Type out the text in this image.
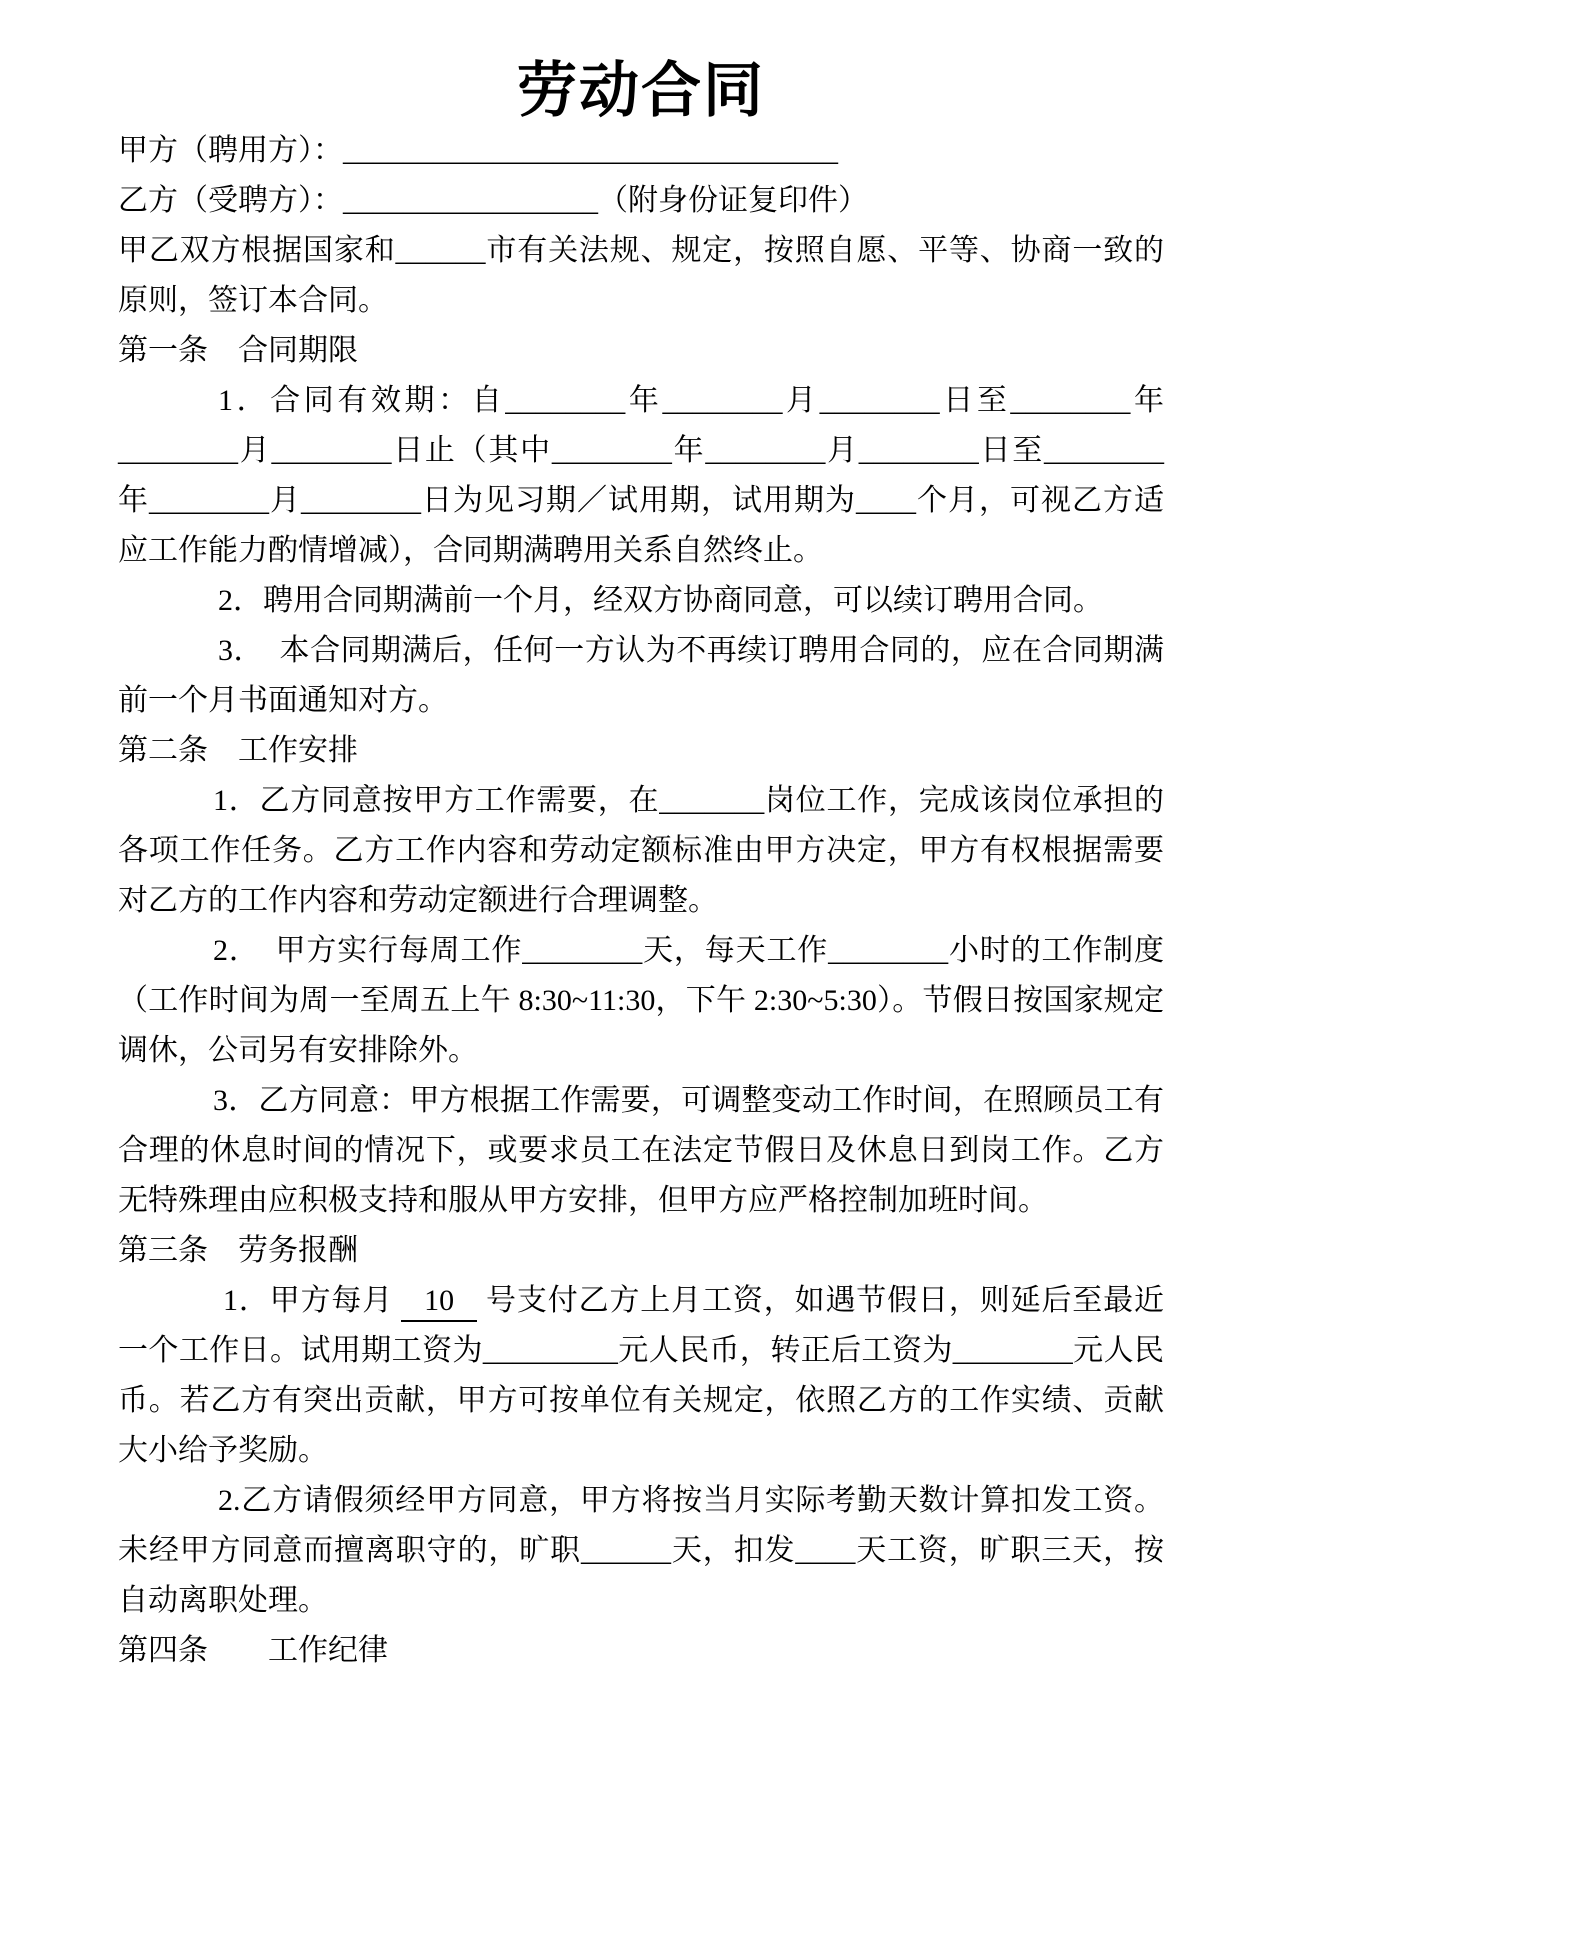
劳动合同

甲方（聘用方）：_________________________________

乙方（受聘方）：_________________（附身份证复印件）

甲乙双方根据国家和______市有关法规、规定，按照自愿、平等、协商一致的原则，签订本合同。

第一条　合同期限

1．合同有效期：自________年________月________日至________年________月________日止（其中________年________月________日至________年________月________日为见习期／试用期，试用期为____个月，可视乙方适应工作能力酌情增减），合同期满聘用关系自然终止。

2．聘用合同期满前一个月，经双方协商同意，可以续订聘用合同。

3．　本合同期满后，任何一方认为不再续订聘用合同的，应在合同期满前一个月书面通知对方。

第二条　工作安排

1．乙方同意按甲方工作需要，在_______岗位工作，完成该岗位承担的各项工作任务。乙方工作内容和劳动定额标准由甲方决定，甲方有权根据需要对乙方的工作内容和劳动定额进行合理调整。

2．　甲方实行每周工作________天，每天工作________小时的工作制度（工作时间为周一至周五上午 8:30~11:30，下午 2:30~5:30）。节假日按国家规定调休，公司另有安排除外。

3．乙方同意：甲方根据工作需要，可调整变动工作时间，在照顾员工有合理的休息时间的情况下，或要求员工在法定节假日及休息日到岗工作。乙方无特殊理由应积极支持和服从甲方安排，但甲方应严格控制加班时间。

第三条　劳务报酬

1．甲方每月 10 号支付乙方上月工资，如遇节假日，则延后至最近一个工作日。试用期工资为_________元人民币，转正后工资为________元人民币。若乙方有突出贡献，甲方可按单位有关规定，依照乙方的工作实绩、贡献大小给予奖励。

2.乙方请假须经甲方同意，甲方将按当月实际考勤天数计算扣发工资。未经甲方同意而擅离职守的，旷职______天，扣发____天工资，旷职三天，按自动离职处理。

第四条　　工作纪律
